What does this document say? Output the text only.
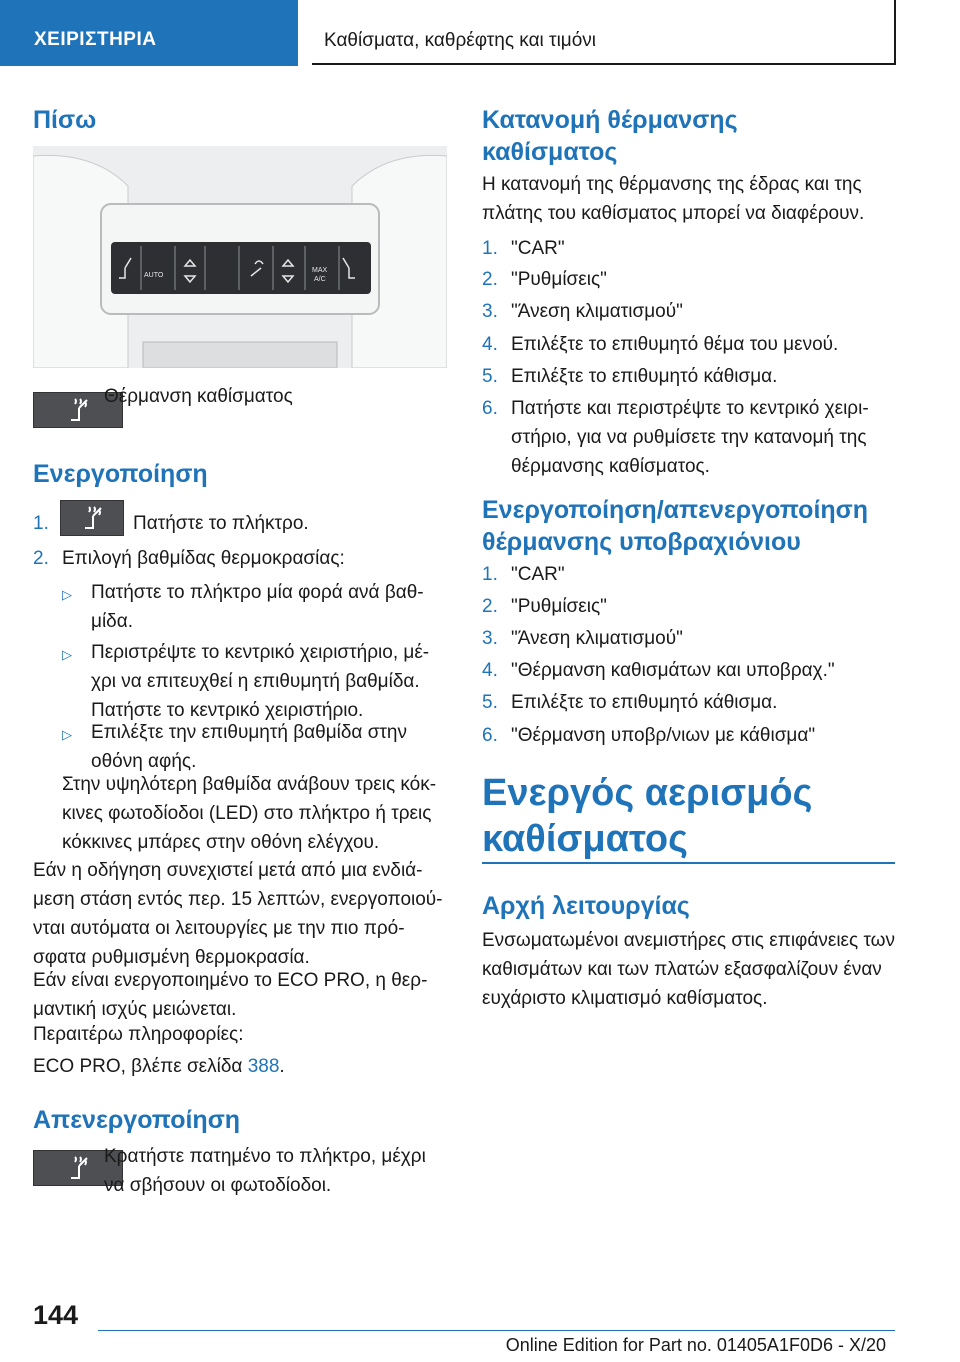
ΧΕΙΡΙΣΤΗΡΙΑ	Καθίσματα, καθρέφτης και τιμόνι
Πίσω
AUTO
MAX
A/C

Θέρμανση καθίσματος

Ενεργοποίηση
1.	Πατήστε το πλήκτρο.

2. Επιλογή βαθμίδας θερμοκρασίας:

▷ Πατήστε το πλήκτρο μία φορά ανά βαθ-
μίδα.

▷ Περιστρέψτε το κεντρικό χειριστήριο, μέ-
χρι να επιτευχθεί η επιθυμητή βαθμίδα.
Πατήστε το κεντρικό χειριστήριο.

▷ Επιλέξτε την επιθυμητή βαθμίδα στην
οθόνη αφής.

Στην υψηλότερη βαθμίδα ανάβουν τρεις κόκ-
κινες φωτοδίοδοι (LED) στο πλήκτρο ή τρεις
κόκκινες μπάρες στην οθόνη ελέγχου.

Εάν η οδήγηση συνεχιστεί μετά από μια ενδιά-
μεση στάση εντός περ. 15 λεπτών, ενεργοποιού-
νται αυτόματα οι λειτουργίες με την πιο πρό-
σφατα ρυθμισμένη θερμοκρασία.

Εάν είναι ενεργοποιημένο το ECO PRO, η θερ-
μαντική ισχύς μειώνεται.

Περαιτέρω πληροφορίες:

ECO PRO, βλέπε σελίδα 388.

Απενεργοποίηση

Κρατήστε πατημένο το πλήκτρο, μέχρι
να σβήσουν οι φωτοδίοδοι.

Κατανομή θέρμανσης
καθίσματος

Η κατανομή της θέρμανσης της έδρας και της
πλάτης του καθίσματος μπορεί να διαφέρουν.

1. "CAR"

2. "Ρυθμίσεις"

3. "Άνεση κλιματισμού"

4. Επιλέξτε το επιθυμητό θέμα του μενού.

5. Επιλέξτε το επιθυμητό κάθισμα.

6. Πατήστε και περιστρέψτε το κεντρικό χειρι-
στήριο, για να ρυθμίσετε την κατανομή της
θέρμανσης καθίσματος.

Ενεργοποίηση/απενεργοποίηση
θέρμανσης υποβραχιόνιου
1. "CAR"

2. "Ρυθμίσεις"

3. "Άνεση κλιματισμού"

4. "Θέρμανση καθισμάτων και υποβραχ."

5. Επιλέξτε το επιθυμητό κάθισμα.

6. "Θέρμανση υποβρ/νιων με κάθισμα"

Ενεργός αερισμός
καθίσματος
Αρχή λειτουργίας

Ενσωματωμένοι ανεμιστήρες στις επιφάνειες των
καθισμάτων και των πλατών εξασφαλίζουν έναν
ευχάριστο κλιματισμό καθίσματος.

144
Online Edition for Part no. 01405A1F0D6 - X/20
